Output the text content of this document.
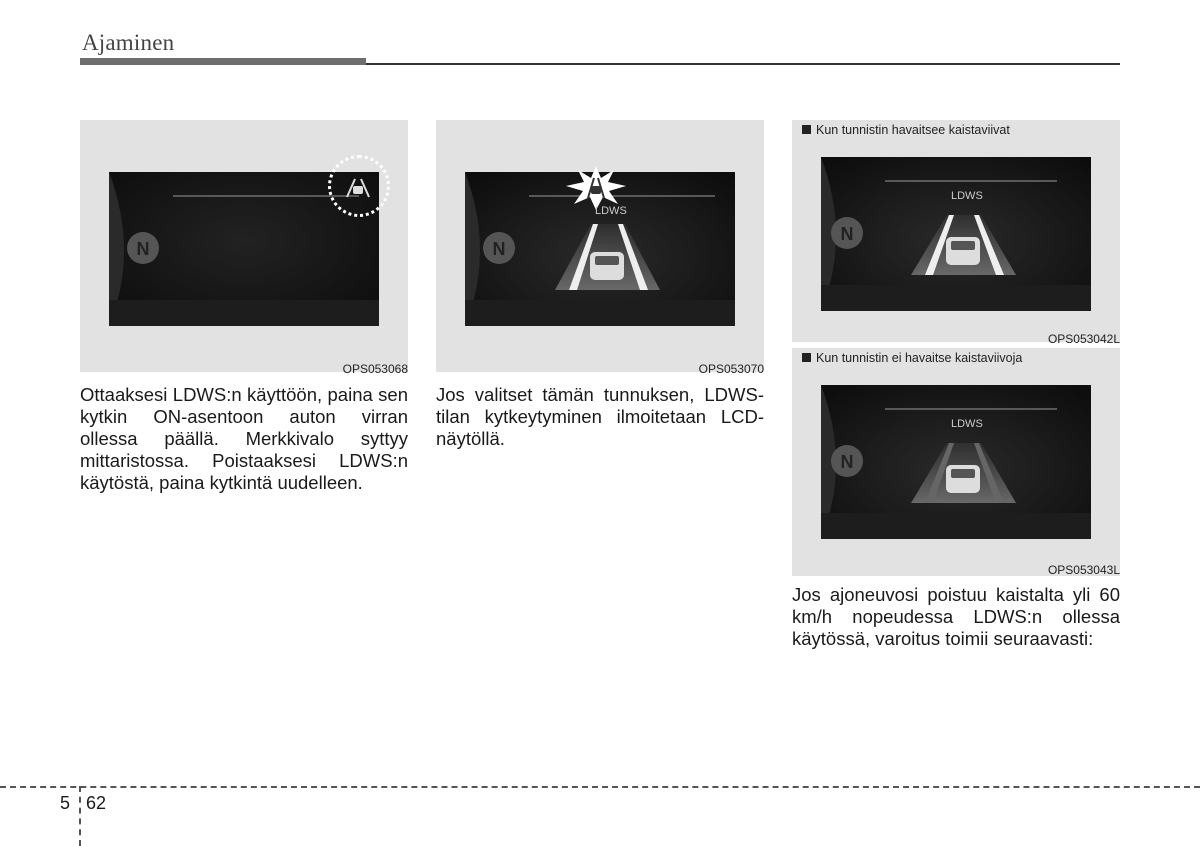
Ajaminen
N
OPS053068
N
LDWS
OPS053070
Kun tunnistin havaitsee kaistaviivat
N
LDWS
OPS053042L
Kun tunnistin ei havaitse kaistaviivoja
N
LDWS
OPS053043L
Ottaaksesi LDWS:n käyttöön, paina sen kytkin ON-asentoon auton virran ollessa päällä. Merkkivalo syttyy mittaristossa. Poistaaksesi LDWS:n käytöstä, paina kytkintä uudelleen.
Jos valitset tämän tunnuksen, LDWS-tilan kytkeytyminen ilmoitetaan LCD-näytöllä.
Jos ajoneuvosi poistuu kaistalta yli 60 km/h nopeudessa LDWS:n ollessa käytössä, varoitus toimii seuraavasti:
5 62
